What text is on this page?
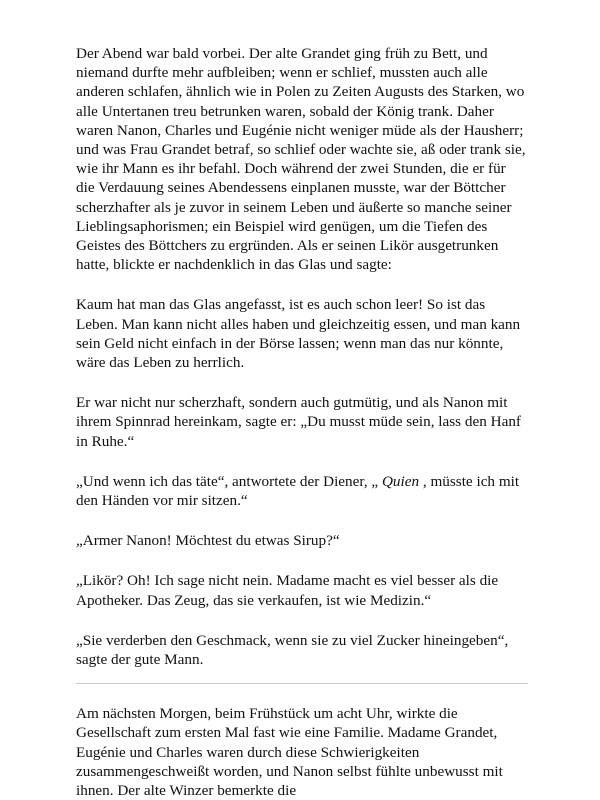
Der Abend war bald vorbei. Der alte Grandet ging früh zu Bett, und niemand durfte mehr aufbleiben; wenn er schlief, mussten auch alle anderen schlafen, ähnlich wie in Polen zu Zeiten Augusts des Starken, wo alle Untertanen treu betrunken waren, sobald der König trank. Daher waren Nanon, Charles und Eugénie nicht weniger müde als der Hausherr; und was Frau Grandet betraf, so schlief oder wachte sie, aß oder trank sie, wie ihr Mann es ihr befahl. Doch während der zwei Stunden, die er für die Verdauung seines Abendessens einplanen musste, war der Böttcher scherzhafter als je zuvor in seinem Leben und äußerte so manche seiner Lieblingsaphorismen; ein Beispiel wird genügen, um die Tiefen des Geistes des Böttchers zu ergründen. Als er seinen Likör ausgetrunken hatte, blickte er nachdenklich in das Glas und sagte:

Kaum hat man das Glas angefasst, ist es auch schon leer! So ist das Leben. Man kann nicht alles haben und gleichzeitig essen, und man kann sein Geld nicht einfach in der Börse lassen; wenn man das nur könnte, wäre das Leben zu herrlich.

Er war nicht nur scherzhaft, sondern auch gutmütig, und als Nanon mit ihrem Spinnrad hereinkam, sagte er: „Du musst müde sein, lass den Hanf in Ruhe.“

„Und wenn ich das täte“, antwortete der Diener, „ Quien , müsste ich mit den Händen vor mir sitzen.“

„Armer Nanon! Möchtest du etwas Sirup?“

„Likör? Oh! Ich sage nicht nein. Madame macht es viel besser als die Apotheker. Das Zeug, das sie verkaufen, ist wie Medizin.“

„Sie verderben den Geschmack, wenn sie zu viel Zucker hineingeben“, sagte der gute Mann.

Am nächsten Morgen, beim Frühstück um acht Uhr, wirkte die Gesellschaft zum ersten Mal fast wie eine Familie. Madame Grandet, Eugénie und Charles waren durch diese Schwierigkeiten zusammengeschweißt worden, und Nanon selbst fühlte unbewusst mit ihnen. Der alte Winzer bemerkte die
